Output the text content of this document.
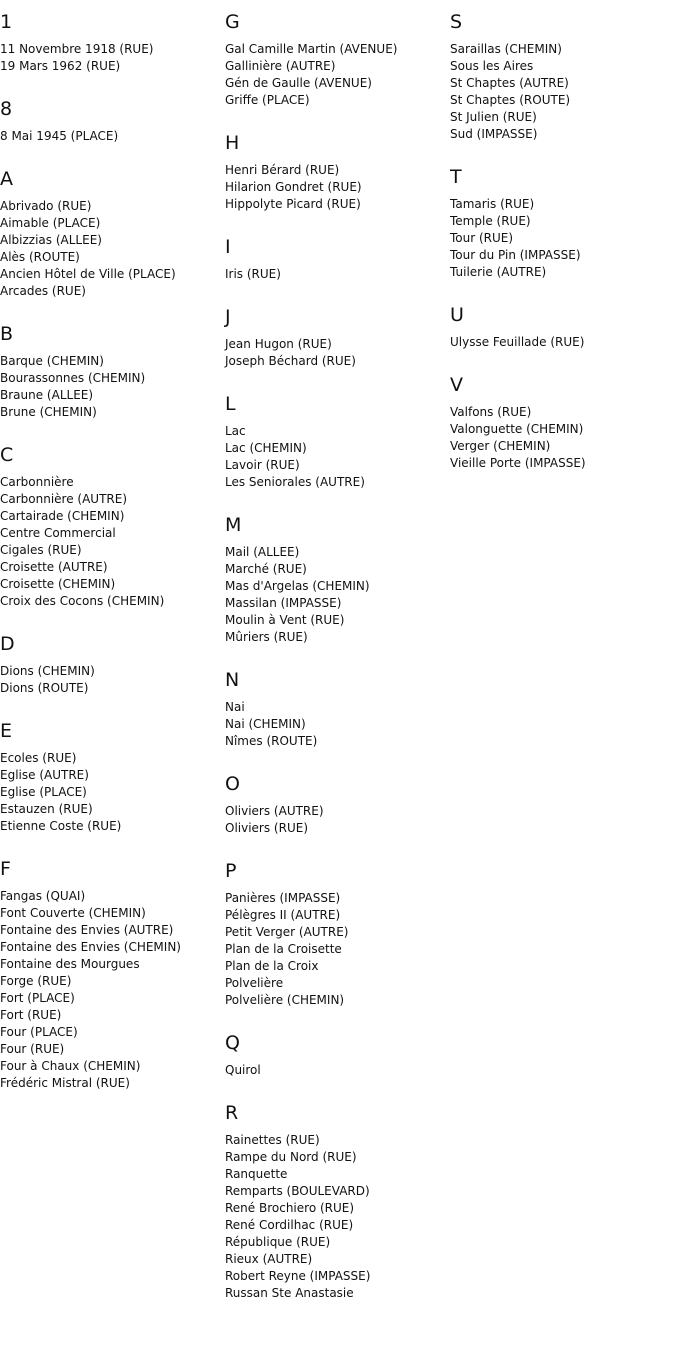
1
11 Novembre 1918 (RUE)
19 Mars 1962 (RUE)
8
8 Mai 1945 (PLACE)
A
Abrivado (RUE)
Aimable (PLACE)
Albizzias (ALLEE)
Alès (ROUTE)
Ancien Hôtel de Ville (PLACE)
Arcades (RUE)
B
Barque (CHEMIN)
Bourassonnes (CHEMIN)
Braune (ALLEE)
Brune (CHEMIN)
C
Carbonnière
Carbonnière (AUTRE)
Cartairade (CHEMIN)
Centre Commercial
Cigales (RUE)
Croisette (AUTRE)
Croisette (CHEMIN)
Croix des Cocons (CHEMIN)
D
Dions (CHEMIN)
Dions (ROUTE)
E
Ecoles (RUE)
Eglise (AUTRE)
Eglise (PLACE)
Estauzen (RUE)
Etienne Coste (RUE)
F
Fangas (QUAI)
Font Couverte (CHEMIN)
Fontaine des Envies (AUTRE)
Fontaine des Envies (CHEMIN)
Fontaine des Mourgues
Forge (RUE)
Fort (PLACE)
Fort (RUE)
Four (PLACE)
Four (RUE)
Four à Chaux (CHEMIN)
Frédéric Mistral (RUE)
G
Gal Camille Martin (AVENUE)
Gallinière (AUTRE)
Gén de Gaulle (AVENUE)
Griffe (PLACE)
H
Henri Bérard (RUE)
Hilarion Gondret (RUE)
Hippolyte Picard (RUE)
I
Iris (RUE)
J
Jean Hugon (RUE)
Joseph Béchard (RUE)
L
Lac
Lac (CHEMIN)
Lavoir (RUE)
Les Seniorales (AUTRE)
M
Mail (ALLEE)
Marché (RUE)
Mas d'Argelas (CHEMIN)
Massilan (IMPASSE)
Moulin à Vent (RUE)
Mûriers (RUE)
N
Nai
Nai (CHEMIN)
Nîmes (ROUTE)
O
Oliviers (AUTRE)
Oliviers (RUE)
P
Panières (IMPASSE)
Pélègres II (AUTRE)
Petit Verger (AUTRE)
Plan de la Croisette
Plan de la Croix
Polvelière
Polvelière (CHEMIN)
Q
Quirol
R
Rainettes (RUE)
Rampe du Nord (RUE)
Ranquette
Remparts (BOULEVARD)
René Brochiero (RUE)
René Cordilhac (RUE)
République (RUE)
Rieux (AUTRE)
Robert Reyne (IMPASSE)
Russan Ste Anastasie
S
Saraillas (CHEMIN)
Sous les Aires
St Chaptes (AUTRE)
St Chaptes (ROUTE)
St Julien (RUE)
Sud (IMPASSE)
T
Tamaris (RUE)
Temple (RUE)
Tour (RUE)
Tour du Pin (IMPASSE)
Tuilerie (AUTRE)
U
Ulysse Feuillade (RUE)
V
Valfons (RUE)
Valonguette (CHEMIN)
Verger (CHEMIN)
Vieille Porte (IMPASSE)
